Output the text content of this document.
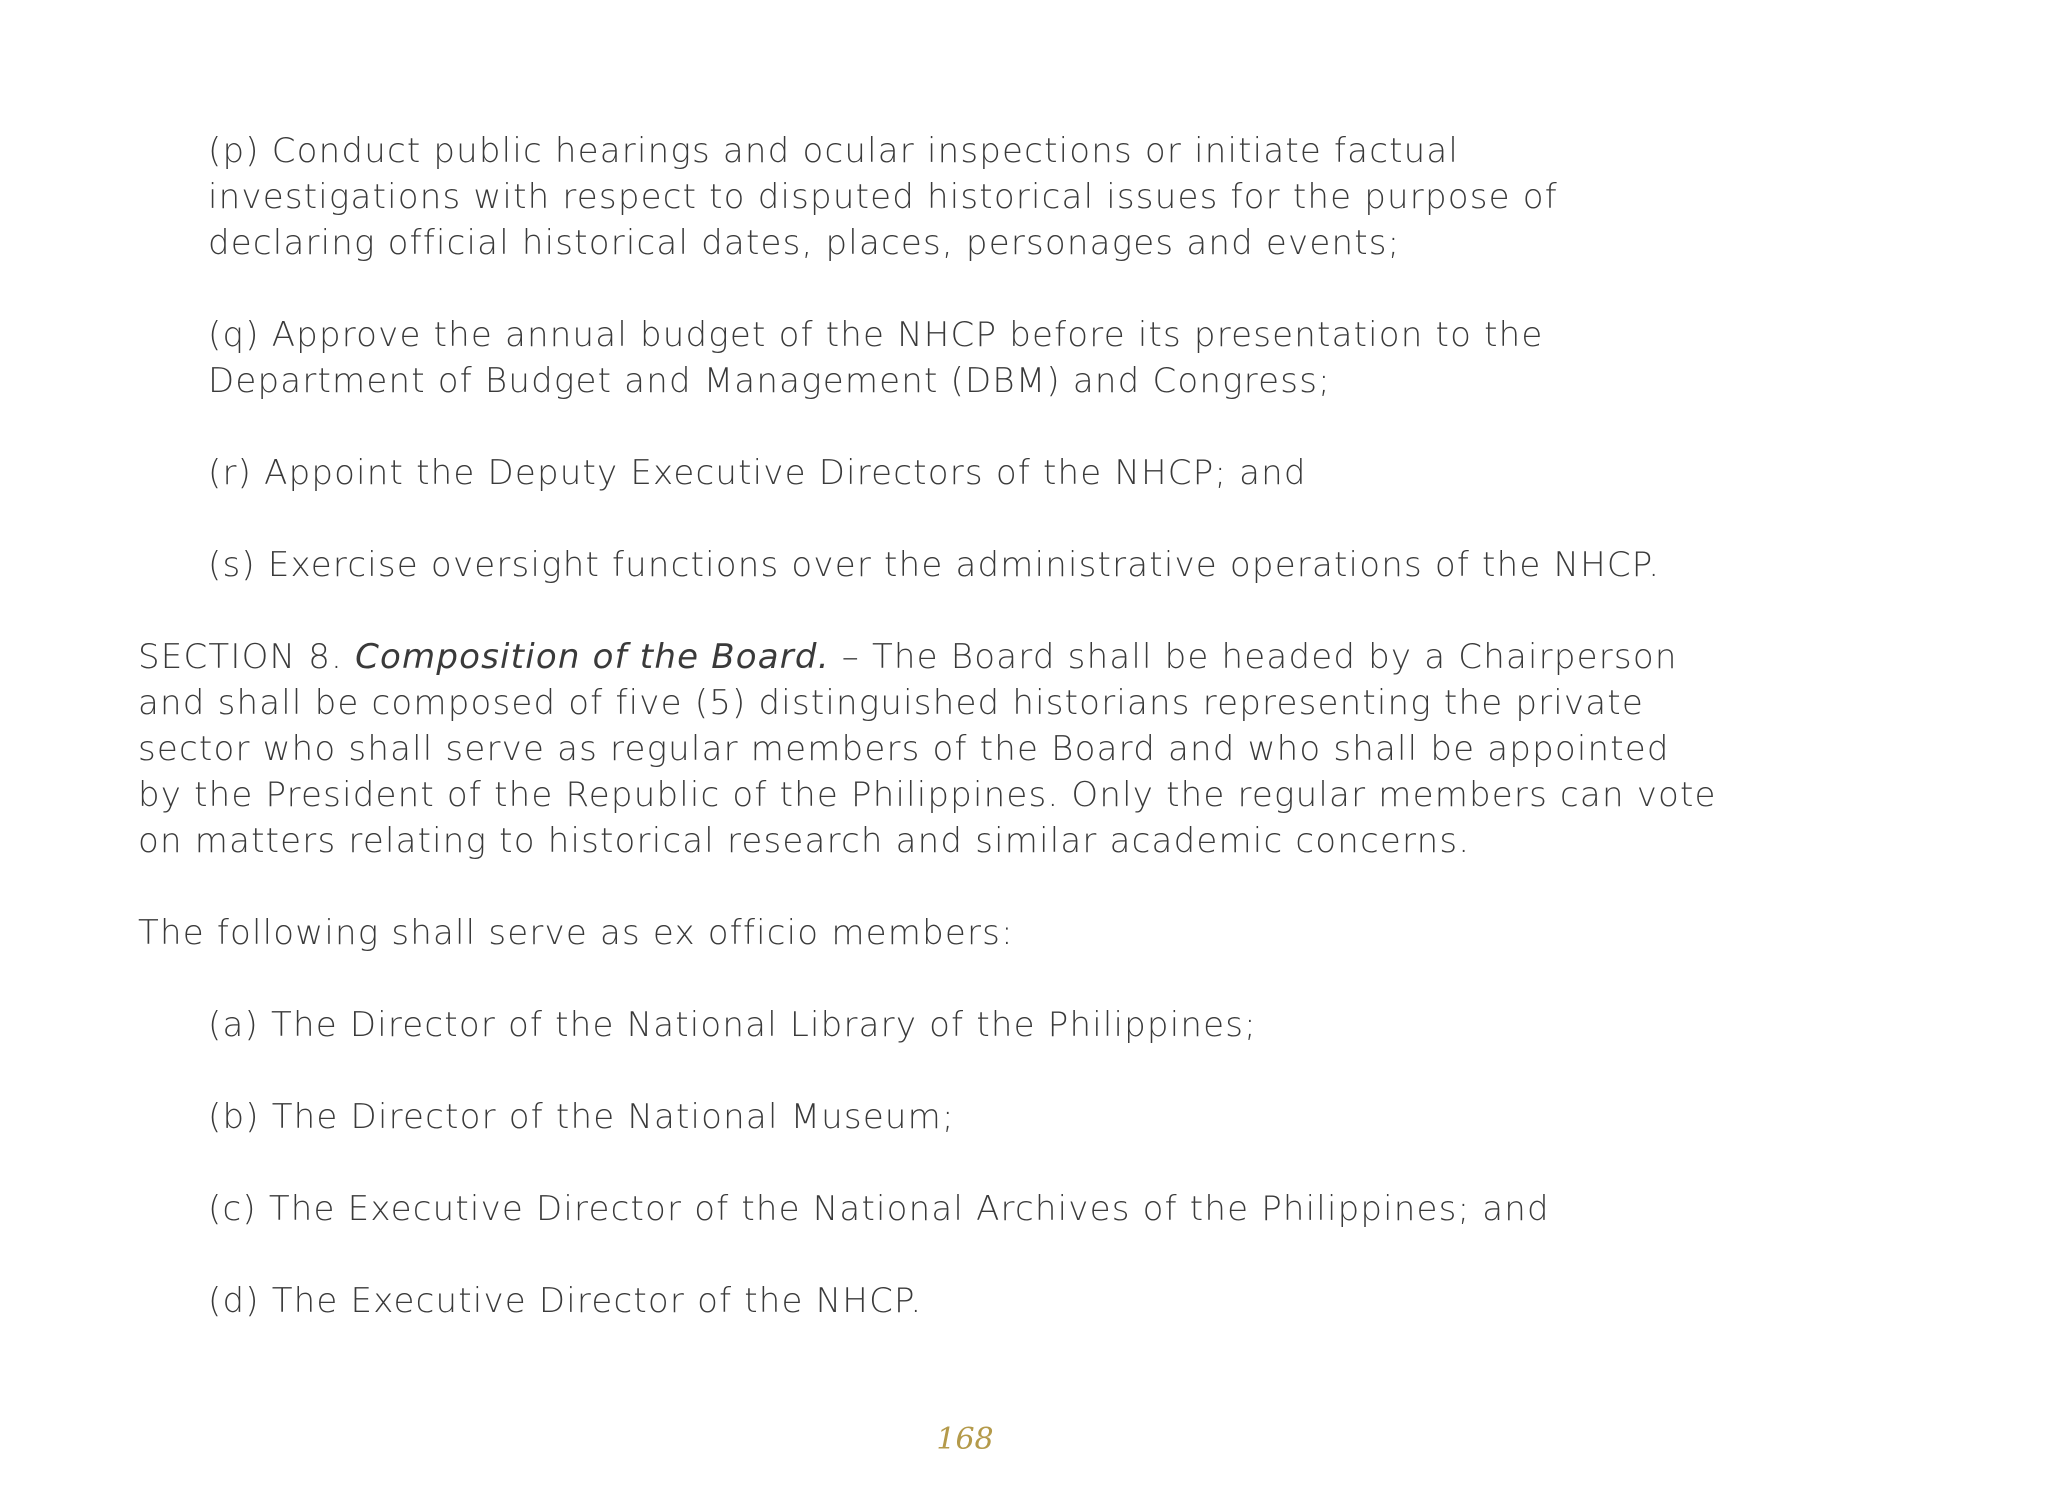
(p) Conduct public hearings and ocular inspections or initiate factual
investigations with respect to disputed historical issues for the purpose of
declaring official historical dates, places, personages and events;

(q) Approve the annual budget of the NHCP before its presentation to the
Department of Budget and Management (DBM) and Congress;

(r) Appoint the Deputy Executive Directors of the NHCP; and

(s) Exercise oversight functions over the administrative operations of the NHCP.

SECTION 8. Composition of the Board. – The Board shall be headed by a Chairperson
and shall be composed of five (5) distinguished historians representing the private
sector who shall serve as regular members of the Board and who shall be appointed
by the President of the Republic of the Philippines. Only the regular members can vote
on matters relating to historical research and similar academic concerns.

The following shall serve as ex officio members:

(a) The Director of the National Library of the Philippines;

(b) The Director of the National Museum;

(c) The Executive Director of the National Archives of the Philippines; and

(d) The Executive Director of the NHCP.

168
